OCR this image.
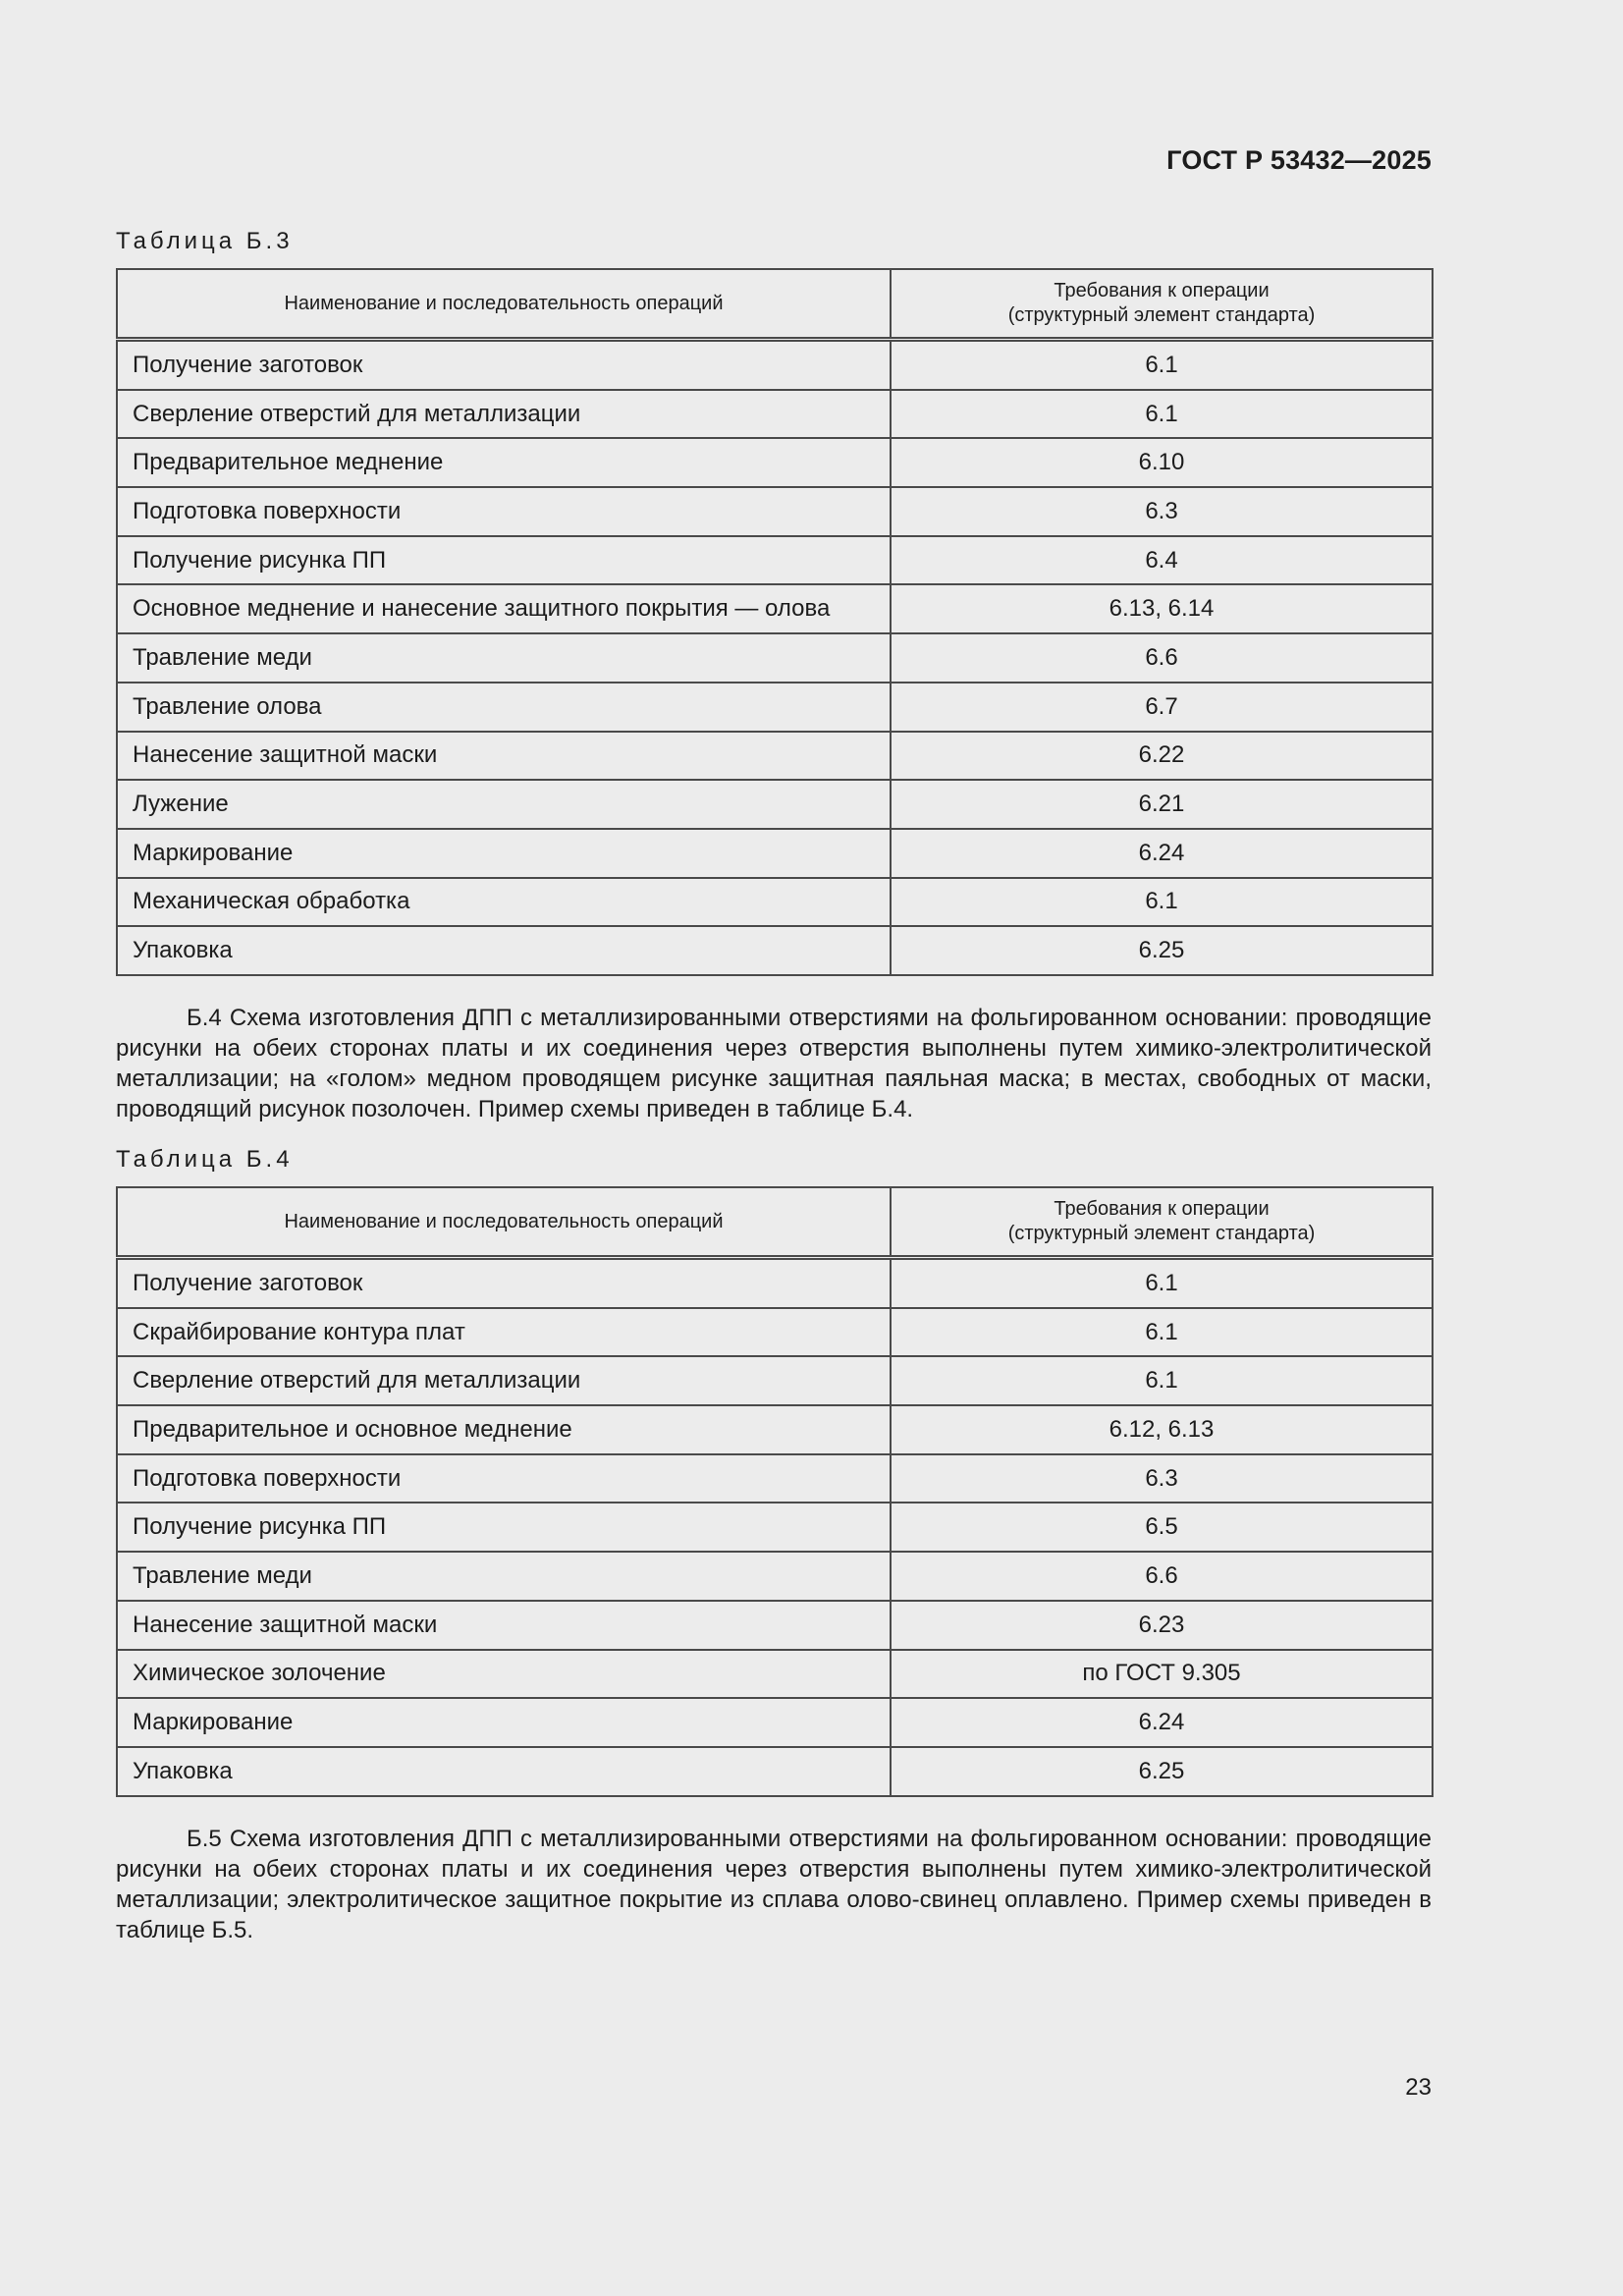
ГОСТ Р 53432—2025
Таблица Б.3
Наименование и последовательность операций	Требования к операции
(структурный элемент стандарта)

Получение заготовок	6.1
Сверление отверстий для металлизации	6.1
Предварительное меднение	6.10
Подготовка поверхности	6.3
Получение рисунка ПП	6.4
Основное меднение и нанесение защитного покрытия — олова	6.13, 6.14
Травление меди	6.6
Травление олова	6.7
Нанесение защитной маски	6.22
Лужение	6.21
Маркирование	6.24
Механическая обработка	6.1
Упаковка	6.25
Б.4 Схема изготовления ДПП с металлизированными отверстиями на фольгированном основании: проводящие рисунки на обеих сторонах платы и их соединения через отверстия выполнены путем химико-электролитической металлизации; на «голом» медном проводящем рисунке защитная паяльная маска; в местах, свободных от маски, проводящий рисунок позолочен. Пример схемы приведен в таблице Б.4.
Таблица Б.4
Наименование и последовательность операций	Требования к операции
(структурный элемент стандарта)

Получение заготовок	6.1
Скрайбирование контура плат	6.1
Сверление отверстий для металлизации	6.1
Предварительное и основное меднение	6.12, 6.13
Подготовка поверхности	6.3
Получение рисунка ПП	6.5
Травление меди	6.6
Нанесение защитной маски	6.23
Химическое золочение	по ГОСТ 9.305
Маркирование	6.24
Упаковка	6.25
Б.5 Схема изготовления ДПП с металлизированными отверстиями на фольгированном основании: проводящие рисунки на обеих сторонах платы и их соединения через отверстия выполнены путем химико-электролитической металлизации; электролитическое защитное покрытие из сплава олово-свинец оплавлено. Пример схемы приведен в таблице Б.5.
23
